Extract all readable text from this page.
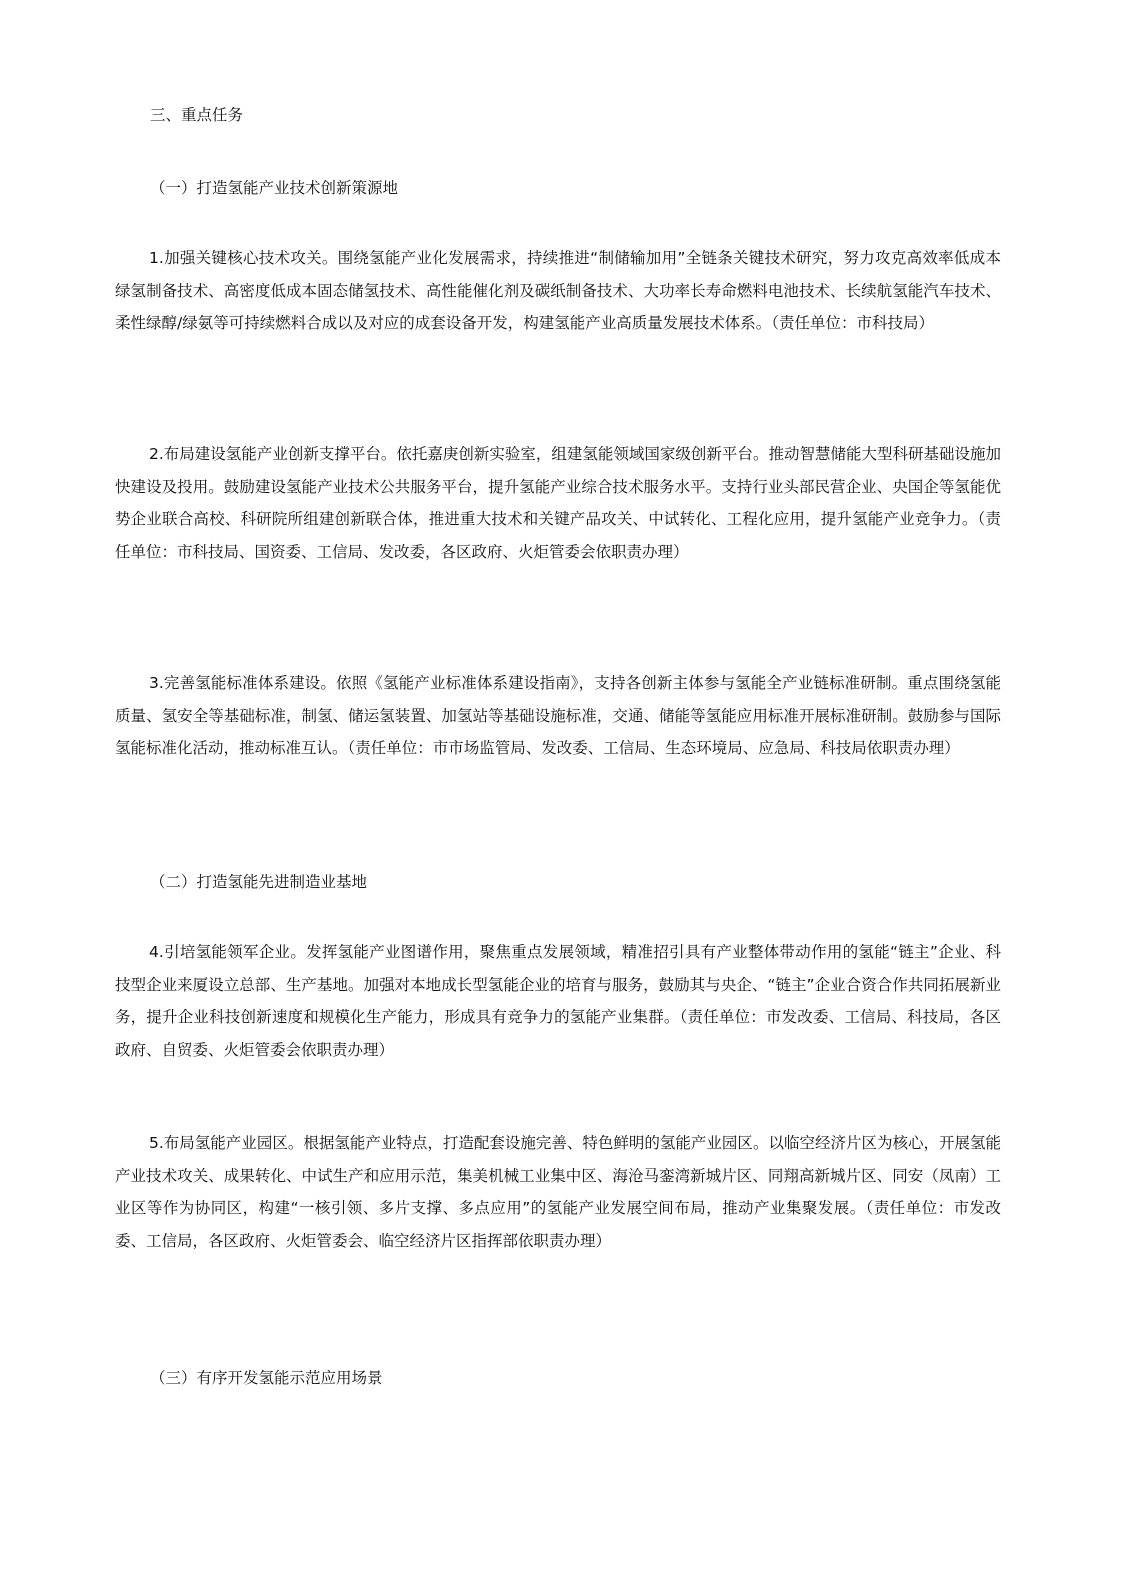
三、重点任务
（一）打造氢能产业技术创新策源地

1.加强关键核心技术攻关。围绕氢能产业化发展需求，持续推进“制储输加用”全链条关键技术研究，努力攻克高效率低成本绿氢制备技术、高密度低成本固态储氢技术、高性能催化剂及碳纸制备技术、大功率长寿命燃料电池技术、长续航氢能汽车技术、柔性绿醇/绿氨等可持续燃料合成以及对应的成套设备开发，构建氢能产业高质量发展技术体系。（责任单位：市科技局）

2.布局建设氢能产业创新支撑平台。依托嘉庚创新实验室，组建氢能领域国家级创新平台。推动智慧储能大型科研基础设施加快建设及投用。鼓励建设氢能产业技术公共服务平台，提升氢能产业综合技术服务水平。支持行业头部民营企业、央国企等氢能优势企业联合高校、科研院所组建创新联合体，推进重大技术和关键产品攻关、中试转化、工程化应用，提升氢能产业竞争力。（责任单位：市科技局、国资委、工信局、发改委，各区政府、火炬管委会依职责办理）

3.完善氢能标准体系建设。依照《氢能产业标准体系建设指南》，支持各创新主体参与氢能全产业链标准研制。重点围绕氢能质量、氢安全等基础标准，制氢、储运氢装置、加氢站等基础设施标准，交通、储能等氢能应用标准开展标准研制。鼓励参与国际氢能标准化活动，推动标准互认。（责任单位：市市场监管局、发改委、工信局、生态环境局、应急局、科技局依职责办理）

（二）打造氢能先进制造业基地

4.引培氢能领军企业。发挥氢能产业图谱作用，聚焦重点发展领域，精准招引具有产业整体带动作用的氢能“链主”企业、科技型企业来厦设立总部、生产基地。加强对本地成长型氢能企业的培育与服务，鼓励其与央企、“链主”企业合资合作共同拓展新业务，提升企业科技创新速度和规模化生产能力，形成具有竞争力的氢能产业集群。（责任单位：市发改委、工信局、科技局，各区政府、自贸委、火炬管委会依职责办理）

5.布局氢能产业园区。根据氢能产业特点，打造配套设施完善、特色鲜明的氢能产业园区。以临空经济片区为核心，开展氢能产业技术攻关、成果转化、中试生产和应用示范，集美机械工业集中区、海沧马銮湾新城片区、同翔高新城片区、同安（凤南）工业区等作为协同区，构建“一核引领、多片支撑、多点应用”的氢能产业发展空间布局，推动产业集聚发展。（责任单位：市发改委、工信局，各区政府、火炬管委会、临空经济片区指挥部依职责办理）

（三）有序开发氢能示范应用场景
